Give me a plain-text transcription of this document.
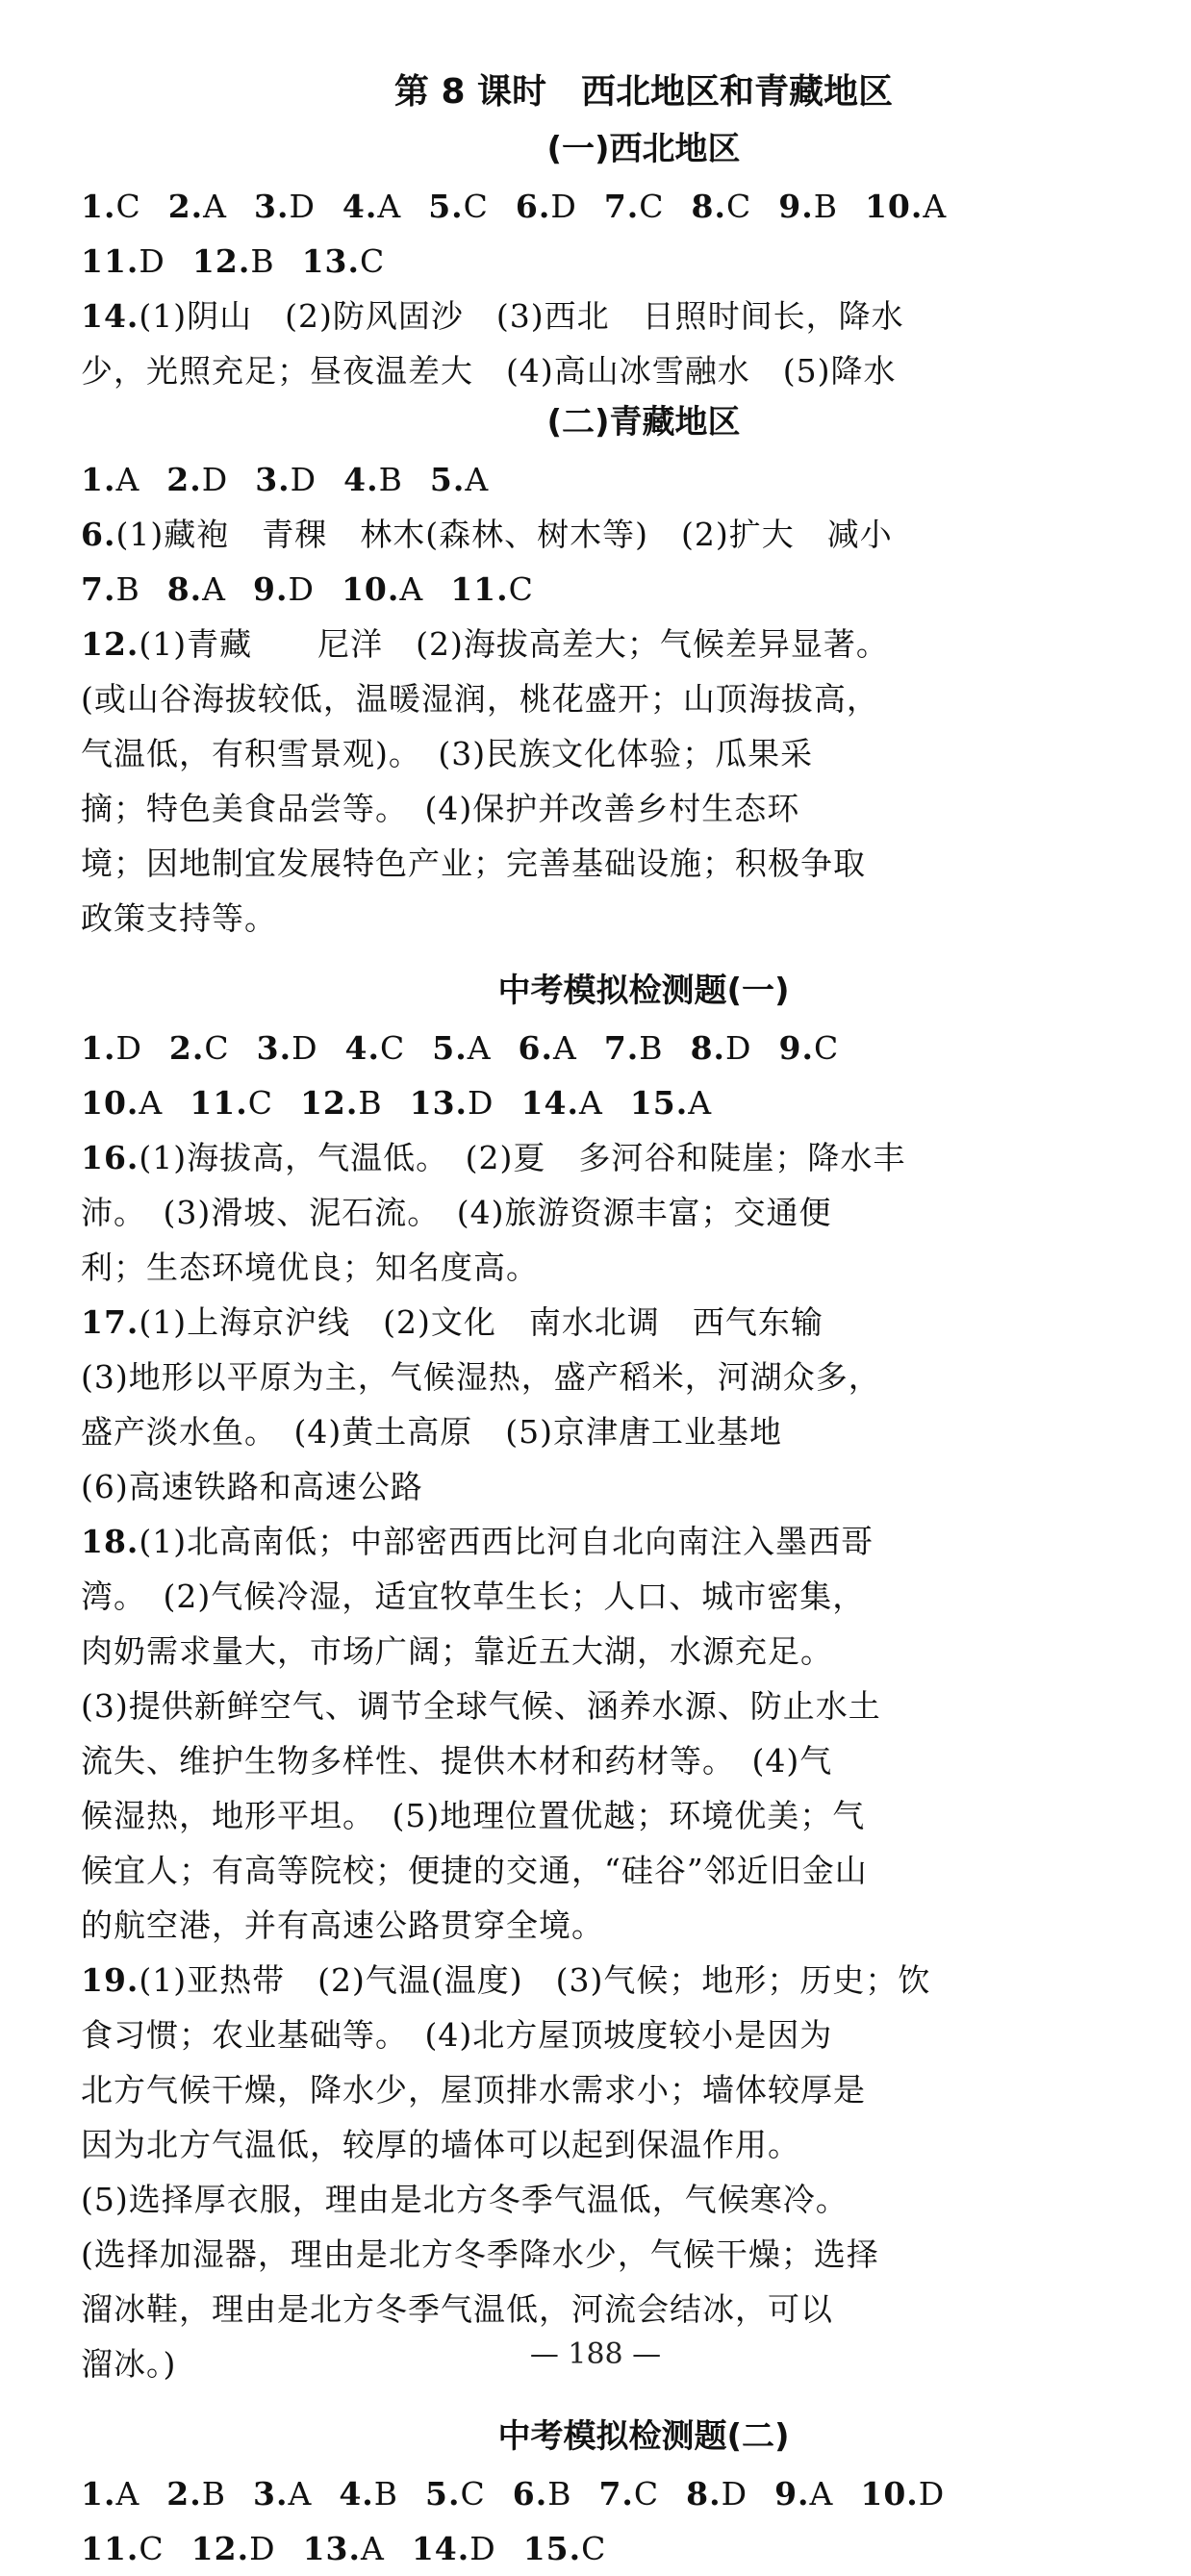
第 8 课时 西北地区和青藏地区
(一)西北地区
1.C 2.A 3.D 4.A 5.C 6.D 7.C 8.C 9.B 10.A
11.D 12.B 13.C
14.(1)阴山　(2)防风固沙　(3)西北　日照时间长，降水
少，光照充足；昼夜温差大　(4)高山冰雪融水　(5)降水
(二)青藏地区
1.A 2.D 3.D 4.B 5.A
6.(1)藏袍　青稞　林木(森林、树木等)　(2)扩大　减小
7.B 8.A 9.D 10.A 11.C
12.(1)青藏　　尼洋　(2)海拔高差大；气候差异显著。
(或山谷海拔较低，温暖湿润，桃花盛开；山顶海拔高，
气温低，有积雪景观)。　(3)民族文化体验；瓜果采
摘；特色美食品尝等。　(4)保护并改善乡村生态环
境；因地制宜发展特色产业；完善基础设施；积极争取
政策支持等。
中考模拟检测题(一)
1.D 2.C 3.D 4.C 5.A 6.A 7.B 8.D 9.C
10.A 11.C 12.B 13.D 14.A 15.A
16.(1)海拔高，气温低。　(2)夏　多河谷和陡崖；降水丰
沛。　(3)滑坡、泥石流。　(4)旅游资源丰富；交通便
利；生态环境优良；知名度高。
17.(1)上海京沪线　(2)文化　南水北调　西气东输
(3)地形以平原为主，气候湿热，盛产稻米，河湖众多，
盛产淡水鱼。　(4)黄土高原　(5)京津唐工业基地
(6)高速铁路和高速公路
18.(1)北高南低；中部密西西比河自北向南注入墨西哥
湾。　(2)气候冷湿，适宜牧草生长；人口、城市密集，
肉奶需求量大，市场广阔；靠近五大湖，水源充足。
(3)提供新鲜空气、调节全球气候、涵养水源、防止水土
流失、维护生物多样性、提供木材和药材等。　(4)气
候湿热，地形平坦。　(5)地理位置优越；环境优美；气
候宜人；有高等院校；便捷的交通，“硅谷”邻近旧金山
的航空港，并有高速公路贯穿全境。
19.(1)亚热带　(2)气温(温度)　(3)气候；地形；历史；饮
食习惯；农业基础等。　(4)北方屋顶坡度较小是因为
北方气候干燥，降水少，屋顶排水需求小；墙体较厚是
因为北方气温低，较厚的墙体可以起到保温作用。
(5)选择厚衣服，理由是北方冬季气温低，气候寒冷。
(选择加湿器，理由是北方冬季降水少，气候干燥；选择
溜冰鞋，理由是北方冬季气温低，河流会结冰，可以
溜冰。)
中考模拟检测题(二)
1.A 2.B 3.A 4.B 5.C 6.B 7.C 8.D 9.A 10.D
11.C 12.D 13.A 14.D 15.C
— 188 —
